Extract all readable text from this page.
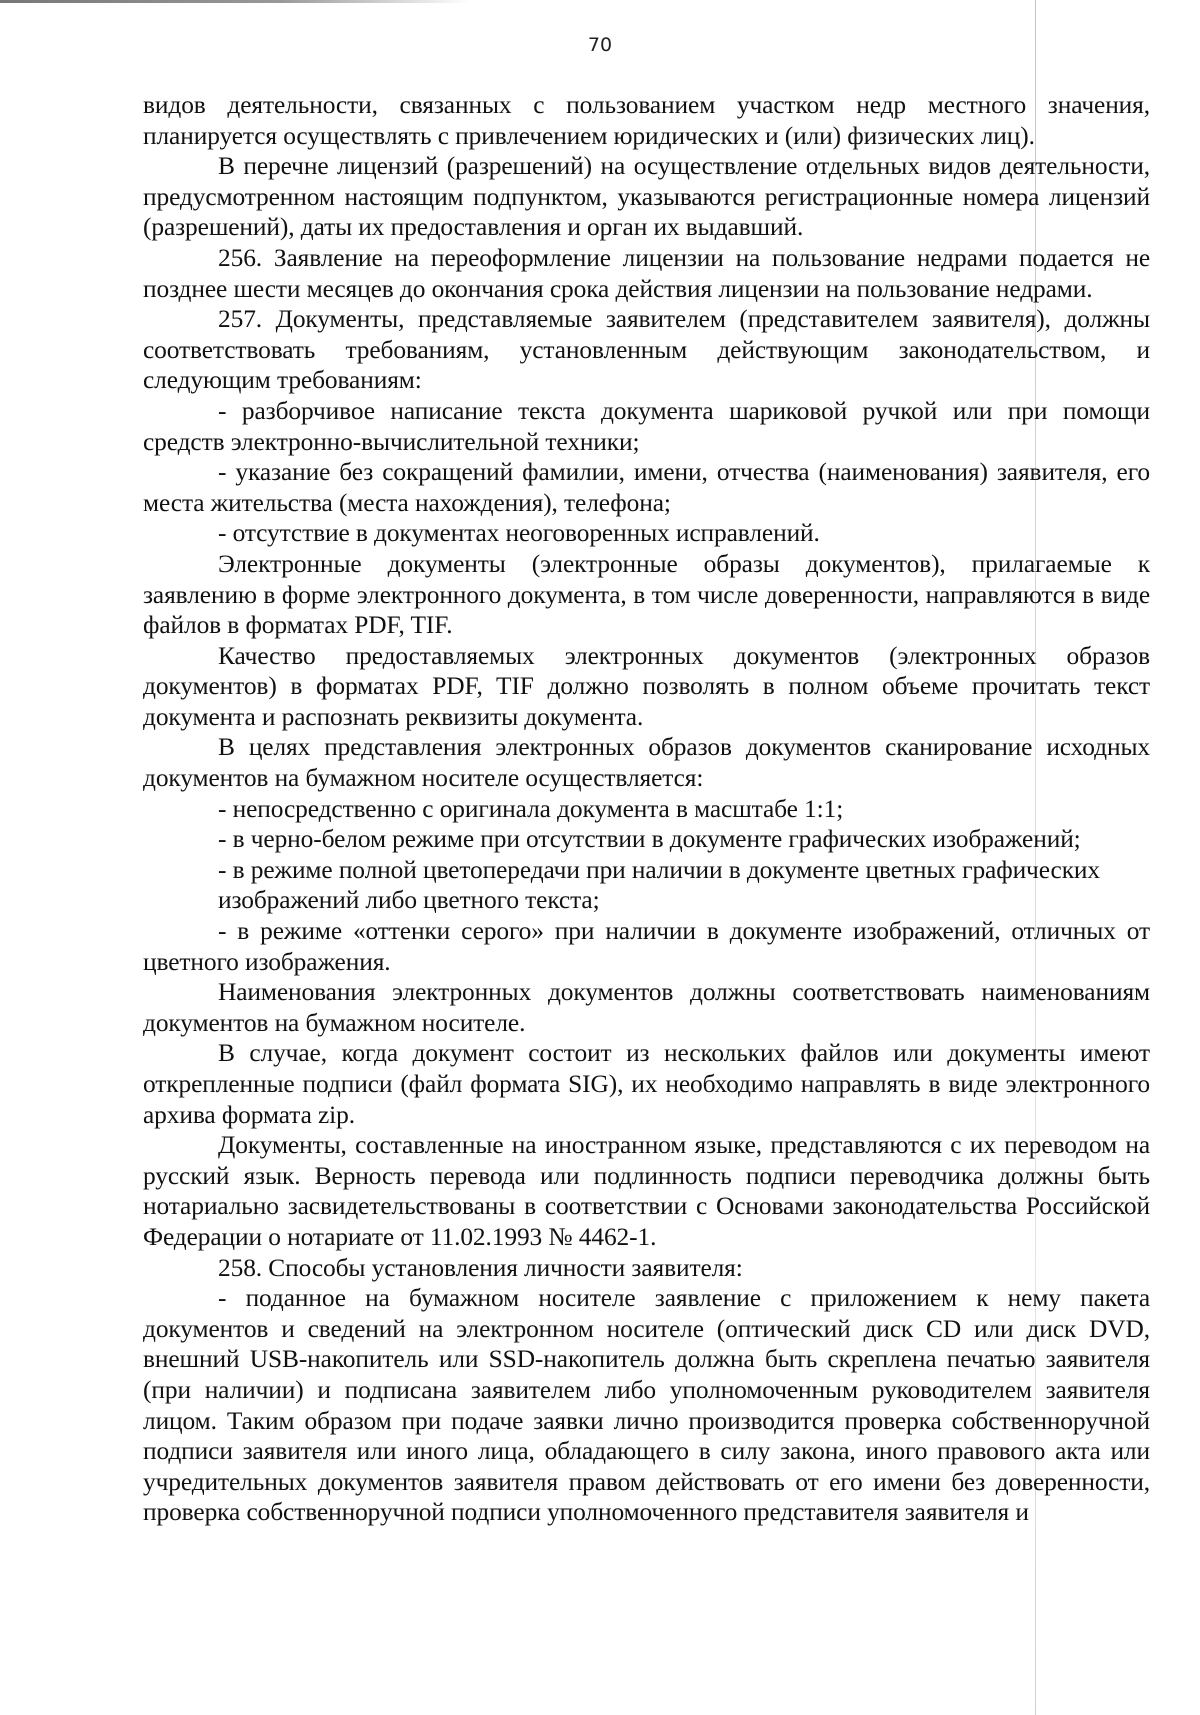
70

видов деятельности, связанных с пользованием участком недр местного значения, планируется осуществлять с привлечением юридических и (или) физических лиц).

В перечне лицензий (разрешений) на осуществление отдельных видов деятельности, предусмотренном настоящим подпунктом, указываются регистрационные номера лицензий (разрешений), даты их предоставления и орган их выдавший.

256. Заявление на переоформление лицензии на пользование недрами подается не позднее шести месяцев до окончания срока действия лицензии на пользование недрами.

257. Документы, представляемые заявителем (представителем заявителя), должны соответствовать требованиям, установленным действующим законодательством, и следующим требованиям:

- разборчивое написание текста документа шариковой ручкой или при помощи средств электронно-вычислительной техники;

- указание без сокращений фамилии, имени, отчества (наименования) заявителя, его места жительства (места нахождения), телефона;

- отсутствие в документах неоговоренных исправлений.

Электронные документы (электронные образы документов), прилагаемые к заявлению в форме электронного документа, в том числе доверенности, направляются в виде файлов в форматах PDF, TIF.

Качество предоставляемых электронных документов (электронных образов документов) в форматах PDF, TIF должно позволять в полном объеме прочитать текст документа и распознать реквизиты документа.

В целях представления электронных образов документов сканирование исходных документов на бумажном носителе осуществляется:

- непосредственно с оригинала документа в масштабе 1:1;

- в черно-белом режиме при отсутствии в документе графических изображений;

- в режиме полной цветопередачи при наличии в документе цветных графических изображений либо цветного текста;

- в режиме «оттенки серого» при наличии в документе изображений, отличных от цветного изображения.

Наименования электронных документов должны соответствовать наименованиям документов на бумажном носителе.

В случае, когда документ состоит из нескольких файлов или документы имеют открепленные подписи (файл формата SIG), их необходимо направлять в виде электронного архива формата zip.

Документы, составленные на иностранном языке, представляются с их переводом на русский язык. Верность перевода или подлинность подписи переводчика должны быть нотариально засвидетельствованы в соответствии с Основами законодательства Российской Федерации о нотариате от 11.02.1993 № 4462-1.

258. Способы установления личности заявителя:

- поданное на бумажном носителе заявление с приложением к нему пакета документов и сведений на электронном носителе (оптический диск CD или диск DVD, внешний USB-накопитель или SSD-накопитель должна быть скреплена печатью заявителя (при наличии) и подписана заявителем либо уполномоченным руководителем заявителя лицом. Таким образом при подаче заявки лично производится проверка собственноручной подписи заявителя или иного лица, обладающего в силу закона, иного правового акта или учредительных документов заявителя правом действовать от его имени без доверенности, проверка собственноручной подписи уполномоченного представителя заявителя и
